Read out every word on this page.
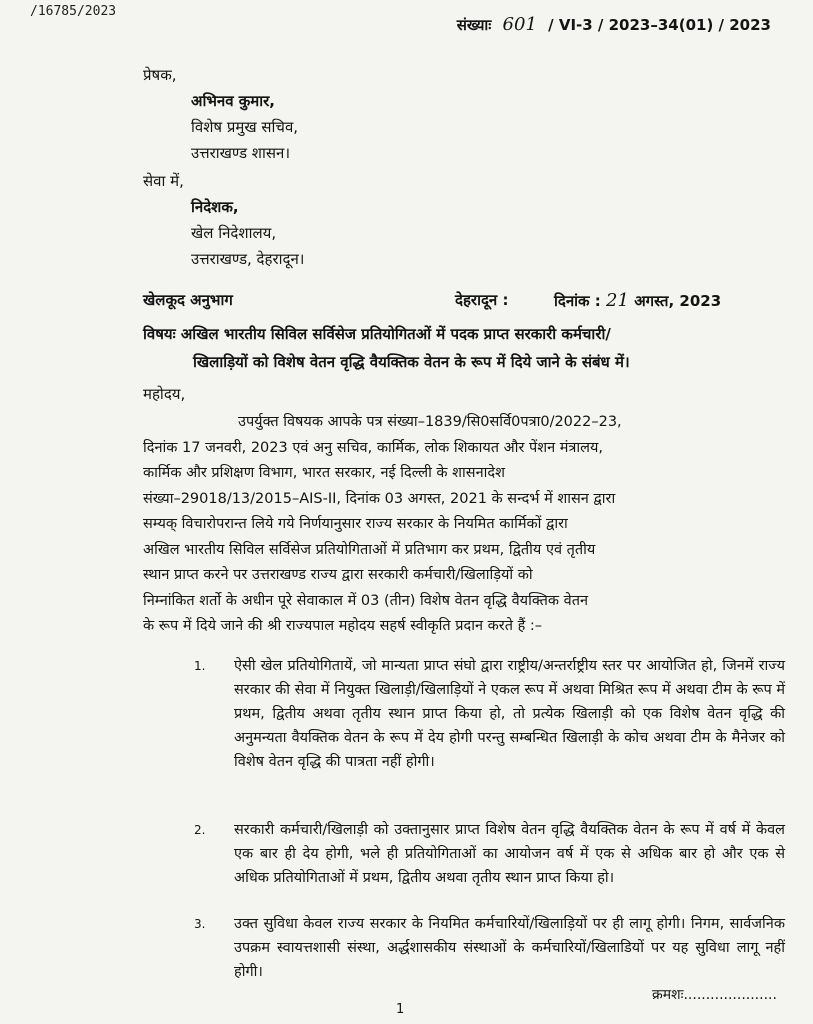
/16785/2023
संख्याः 601 / VI-3 / 2023–34(01) / 2023
प्रेषक,
अभिनव कुमार,
विशेष प्रमुख सचिव,
उत्तराखण्ड शासन।
सेवा में,
निदेशक,
खेल निदेशालय,
उत्तराखण्ड, देहरादून।
खेलकूद अनुभाग	देहरादून :	दिनांक : 21 अगस्त, 2023
विषयः अखिल भारतीय सिविल सर्विसेज प्रतियोगितओं में पदक प्राप्त सरकारी कर्मचारी/
खिलाड़ियों को विशेष वेतन वृद्धि वैयक्तिक वेतन के रूप में दिये जाने के संबंध में।
महोदय,
उपर्युक्त विषयक आपके पत्र संख्या–1839/सि0सर्वि0पत्रा0/2022–23,
दिनांक 17 जनवरी, 2023 एवं अनु सचिव, कार्मिक, लोक शिकायत और पेंशन मंत्रालय,
कार्मिक और प्रशिक्षण विभाग, भारत सरकार, नई दिल्ली के शासनादेश
संख्या–29018/13/2015–AIS-II, दिनांक 03 अगस्त, 2021 के सन्दर्भ में शासन द्वारा
सम्यक् विचारोपरान्त लिये गये निर्णयानुसार राज्य सरकार के नियमित कार्मिकों द्वारा
अखिल भारतीय सिविल सर्विसेज प्रतियोगिताओं में प्रतिभाग कर प्रथम, द्वितीय एवं तृतीय
स्थान प्राप्त करने पर उत्तराखण्ड राज्य द्वारा सरकारी कर्मचारी/खिलाड़ियों को
निम्नांकित शर्तो के अधीन पूरे सेवाकाल में 03 (तीन) विशेष वेतन वृद्धि वैयक्तिक वेतन
के रूप में दिये जाने की श्री राज्यपाल महोदय सहर्ष स्वीकृति प्रदान करते हैं :–
1.	ऐसी खेल प्रतियोगितायें, जो मान्यता प्राप्त संघो द्वारा राष्ट्रीय/अन्तर्राष्ट्रीय स्तर पर आयोजित हो, जिनमें राज्य सरकार की सेवा में नियुक्त खिलाड़ी/खिलाड़ियों ने एकल रूप में अथवा मिश्रित रूप में अथवा टीम के रूप में प्रथम, द्वितीय अथवा तृतीय स्थान प्राप्त किया हो, तो प्रत्येक खिलाड़ी को एक विशेष वेतन वृद्धि की अनुमन्यता वैयक्तिक वेतन के रूप में देय होगी परन्तु सम्बन्धित खिलाड़ी के कोच अथवा टीम के मैनेजर को विशेष वेतन वृद्धि की पात्रता नहीं होगी।
2.	सरकारी कर्मचारी/खिलाड़ी को उक्तानुसार प्राप्त विशेष वेतन वृद्धि वैयक्तिक वेतन के रूप में वर्ष में केवल एक बार ही देय होगी, भले ही प्रतियोगिताओं का आयोजन वर्ष में एक से अधिक बार हो और एक से अधिक प्रतियोगिताओं में प्रथम, द्वितीय अथवा तृतीय स्थान प्राप्त किया हो।
3.	उक्त सुविधा केवल राज्य सरकार के नियमित कर्मचारियों/खिलाड़ियों पर ही लागू होगी। निगम, सार्वजनिक उपक्रम स्वायत्तशासी संस्था, अर्द्धशासकीय संस्थाओं के कर्मचारियों/खिलाडियों पर यह सुविधा लागू नहीं होगी।
क्रमशः.....................
1
